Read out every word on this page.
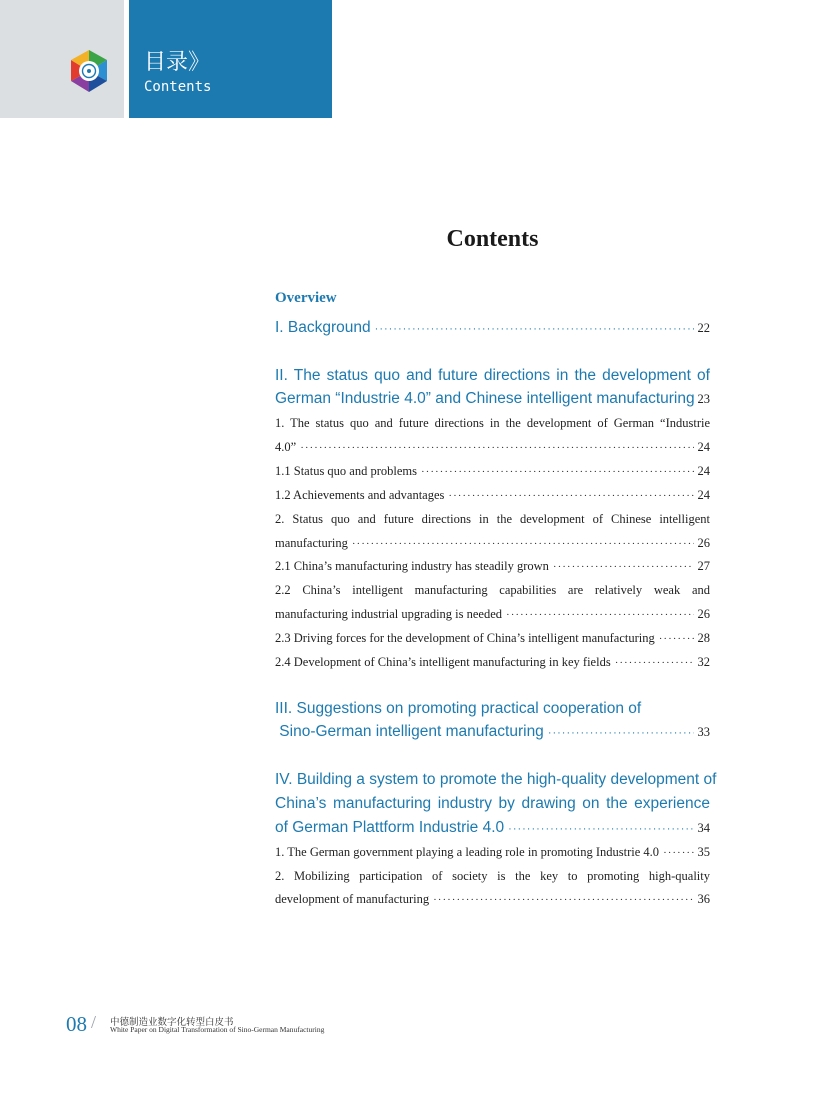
目录》
Contents
Contents
Overview
I. Background ·····	22
II. The status quo and future directions in the development of
German “Industrie 4.0” and Chinese intelligent manufacturing 23
1. The status quo and future directions in the development of German “Industrie
4.0” ·····	24
1.1 Status quo and problems ·····	24
1.2 Achievements and advantages ·····	24
2. Status quo and future directions in the development of Chinese intelligent
manufacturing ·····	26
2.1 China’s manufacturing industry has steadily grown ·····	27
2.2 China’s intelligent manufacturing capabilities are relatively weak and
manufacturing industrial upgrading is needed ·····	26
2.3 Driving forces for the development of China’s intelligent manufacturing ·····	28
2.4 Development of China’s intelligent manufacturing in key fields ·····	32
III. Suggestions on promoting practical cooperation of
Sino-German intelligent manufacturing ·····	33
IV. Building a system to promote the high-quality development of
China’s manufacturing industry by drawing on the experience
of German Plattform Industrie 4.0 ·····	34
1. The German government playing a leading role in promoting Industrie 4.0 ·····	35
2. Mobilizing participation of society is the key to promoting high-quality
development of manufacturing ·····	36
08 / 中德制造业数字化转型白皮书
White Paper on Digital Transformation of Sino-German Manufacturing
